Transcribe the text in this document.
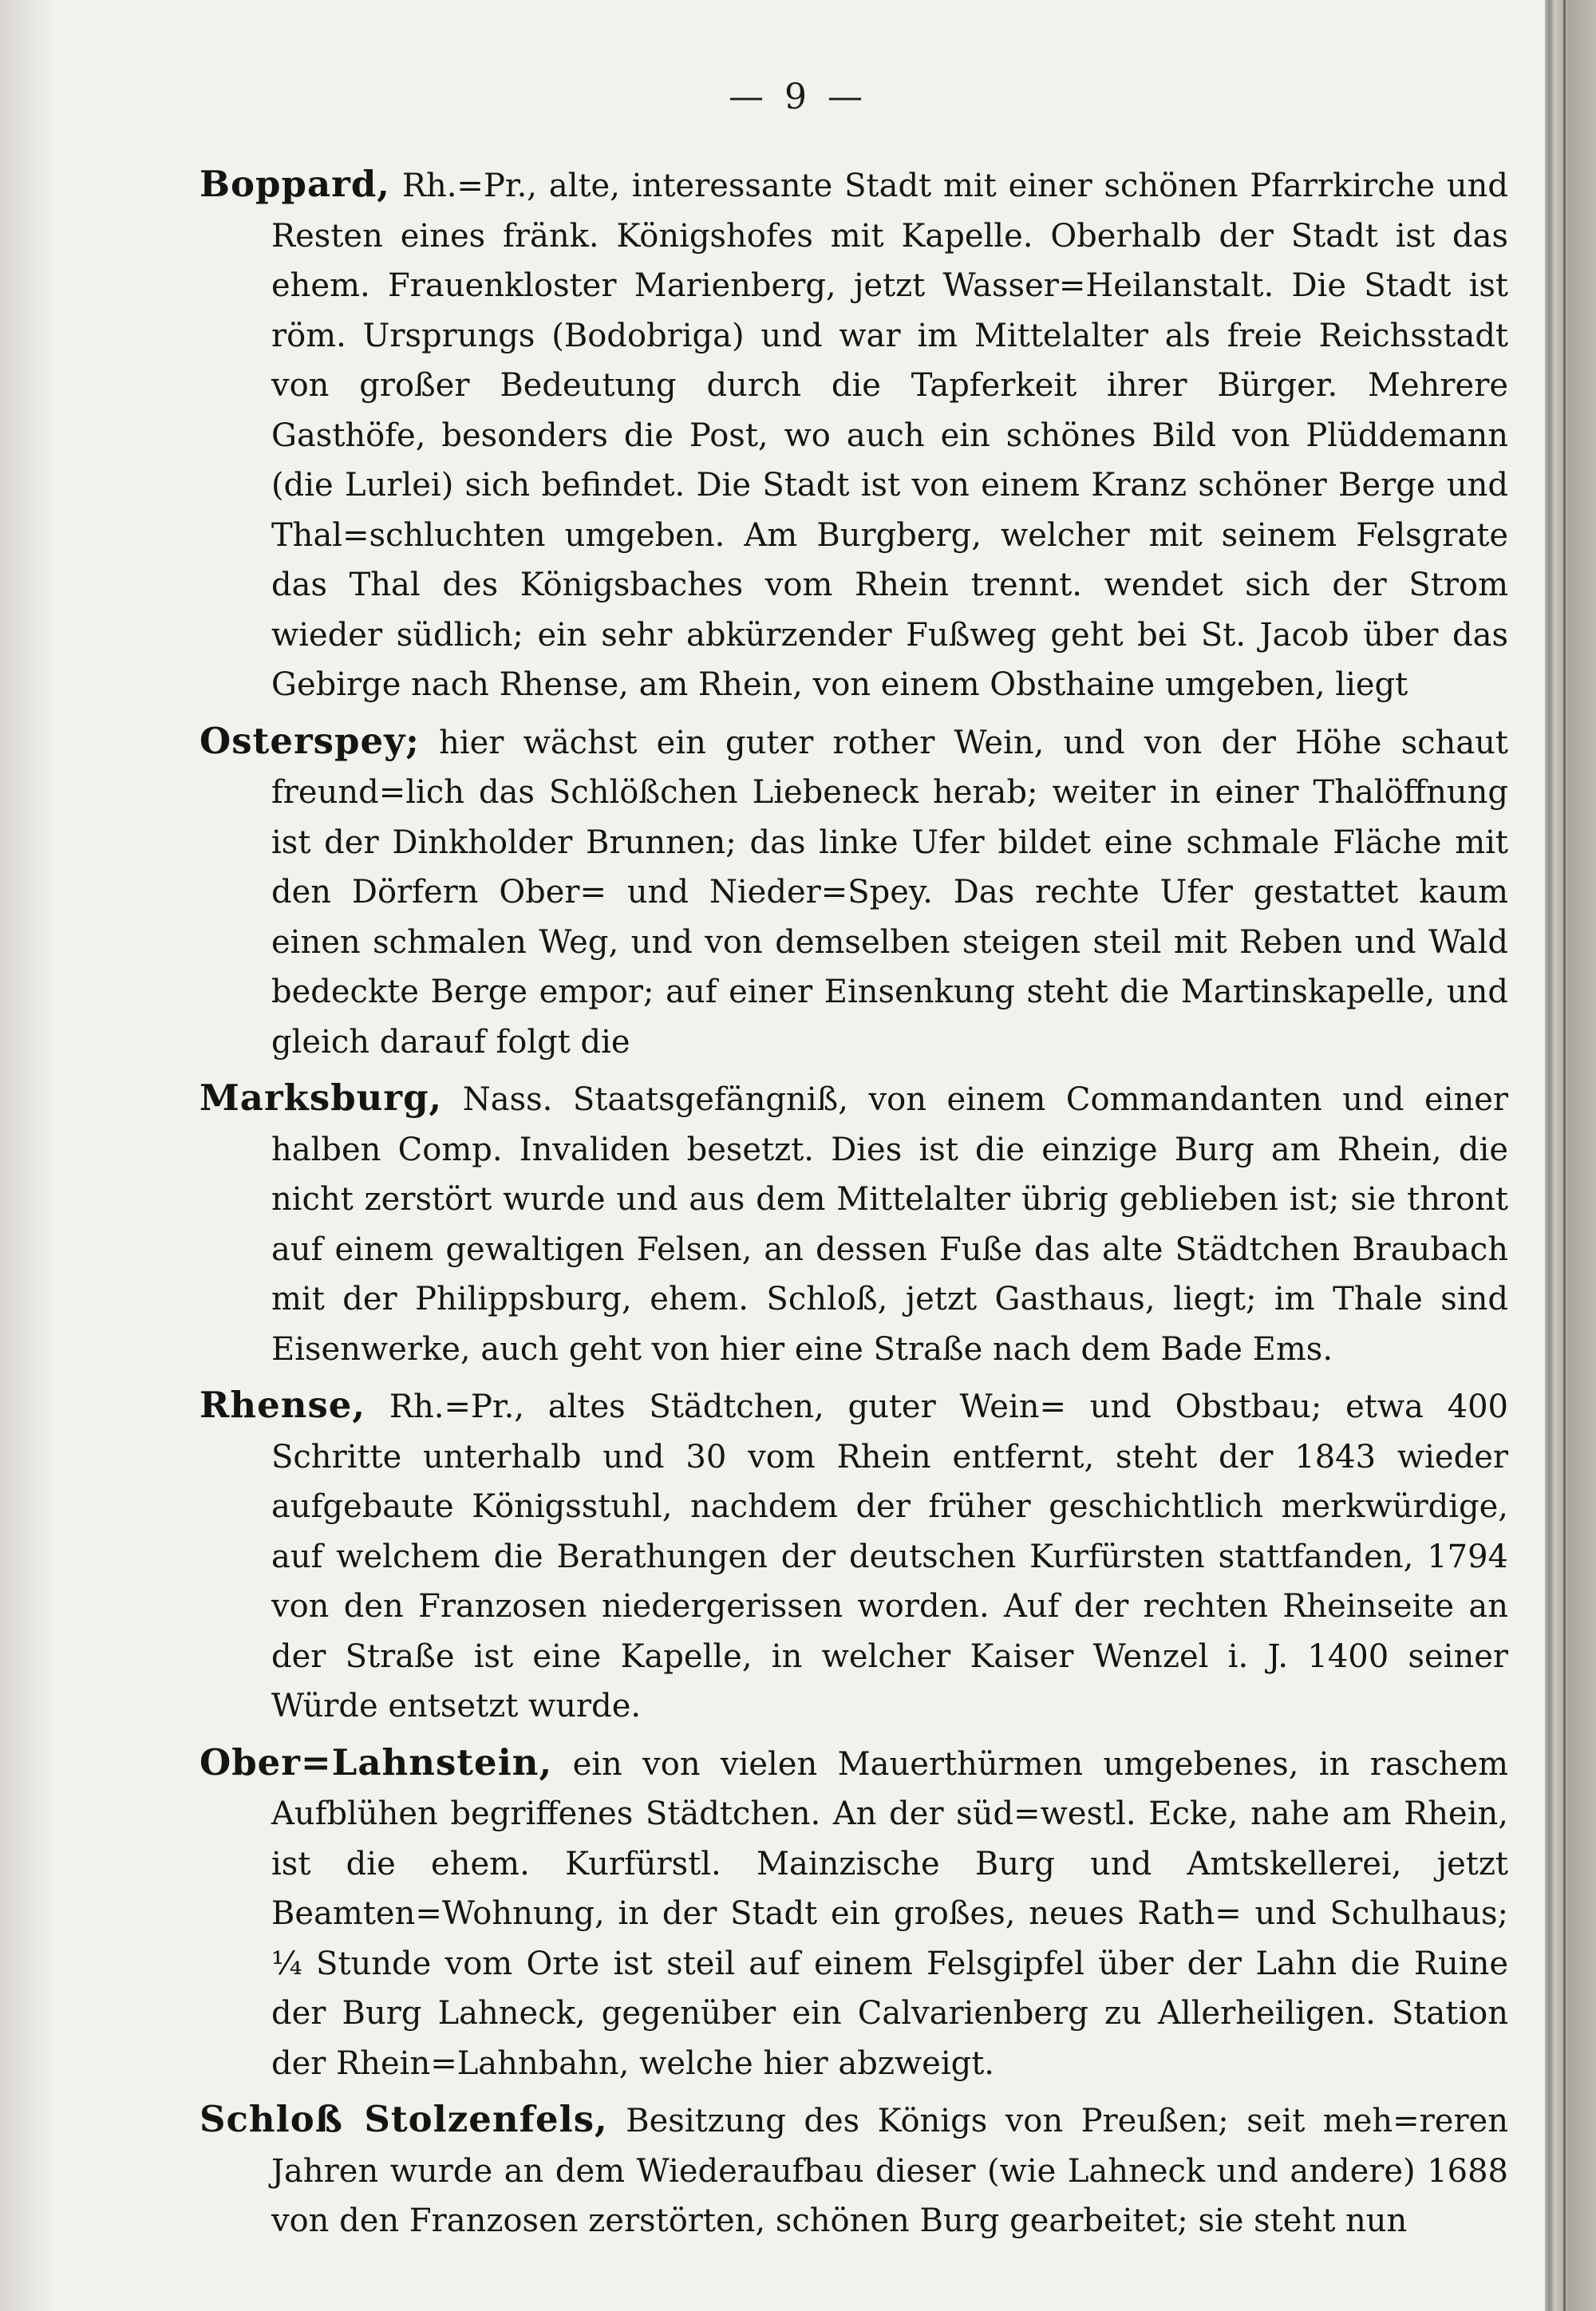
— 9 —

Boppard, Rh.=Pr., alte, interessante Stadt mit einer schönen Pfarrkirche und Resten eines fränk. Königshofes mit Kapelle. Oberhalb der Stadt ist das ehem. Frauenkloster Marienberg, jetzt Wasser=Heilanstalt. Die Stadt ist röm. Ursprungs (Bodobriga) und war im Mittelalter als freie Reichsstadt von großer Bedeutung durch die Tapferkeit ihrer Bürger. Mehrere Gasthöfe, besonders die Post, wo auch ein schönes Bild von Plüddemann (die Lurlei) sich befindet. Die Stadt ist von einem Kranz schöner Berge und Thal=schluchten umgeben. Am Burgberg, welcher mit seinem Felsgrate das Thal des Königsbaches vom Rhein trennt. wendet sich der Strom wieder südlich; ein sehr abkürzender Fußweg geht bei St. Jacob über das Gebirge nach Rhense, am Rhein, von einem Obsthaine umgeben, liegt

Osterspey; hier wächst ein guter rother Wein, und von der Höhe schaut freund=lich das Schlößchen Liebeneck herab; weiter in einer Thalöffnung ist der Dinkholder Brunnen; das linke Ufer bildet eine schmale Fläche mit den Dörfern Ober= und Nieder=Spey. Das rechte Ufer gestattet kaum einen schmalen Weg, und von demselben steigen steil mit Reben und Wald bedeckte Berge empor; auf einer Einsenkung steht die Martinskapelle, und gleich darauf folgt die

Marksburg, Nass. Staatsgefängniß, von einem Commandanten und einer halben Comp. Invaliden besetzt. Dies ist die einzige Burg am Rhein, die nicht zerstört wurde und aus dem Mittelalter übrig geblieben ist; sie thront auf einem gewaltigen Felsen, an dessen Fuße das alte Städtchen Braubach mit der Philippsburg, ehem. Schloß, jetzt Gasthaus, liegt; im Thale sind Eisenwerke, auch geht von hier eine Straße nach dem Bade Ems.

Rhense, Rh.=Pr., altes Städtchen, guter Wein= und Obstbau; etwa 400 Schritte unterhalb und 30 vom Rhein entfernt, steht der 1843 wieder aufgebaute Königsstuhl, nachdem der früher geschichtlich merkwürdige, auf welchem die Berathungen der deutschen Kurfürsten stattfanden, 1794 von den Franzosen niedergerissen worden. Auf der rechten Rheinseite an der Straße ist eine Kapelle, in welcher Kaiser Wenzel i. J. 1400 seiner Würde entsetzt wurde.

Ober=Lahnstein, ein von vielen Mauerthürmen umgebenes, in raschem Aufblühen begriffenes Städtchen. An der süd=westl. Ecke, nahe am Rhein, ist die ehem. Kurfürstl. Mainzische Burg und Amtskellerei, jetzt Beamten=Wohnung, in der Stadt ein großes, neues Rath= und Schulhaus; ¼ Stunde vom Orte ist steil auf einem Felsgipfel über der Lahn die Ruine der Burg Lahneck, gegenüber ein Calvarienberg zu Allerheiligen. Station der Rhein=Lahnbahn, welche hier abzweigt.

Schloß Stolzenfels, Besitzung des Königs von Preußen; seit meh=reren Jahren wurde an dem Wiederaufbau dieser (wie Lahneck und andere) 1688 von den Franzosen zerstörten, schönen Burg gearbeitet; sie steht nun
